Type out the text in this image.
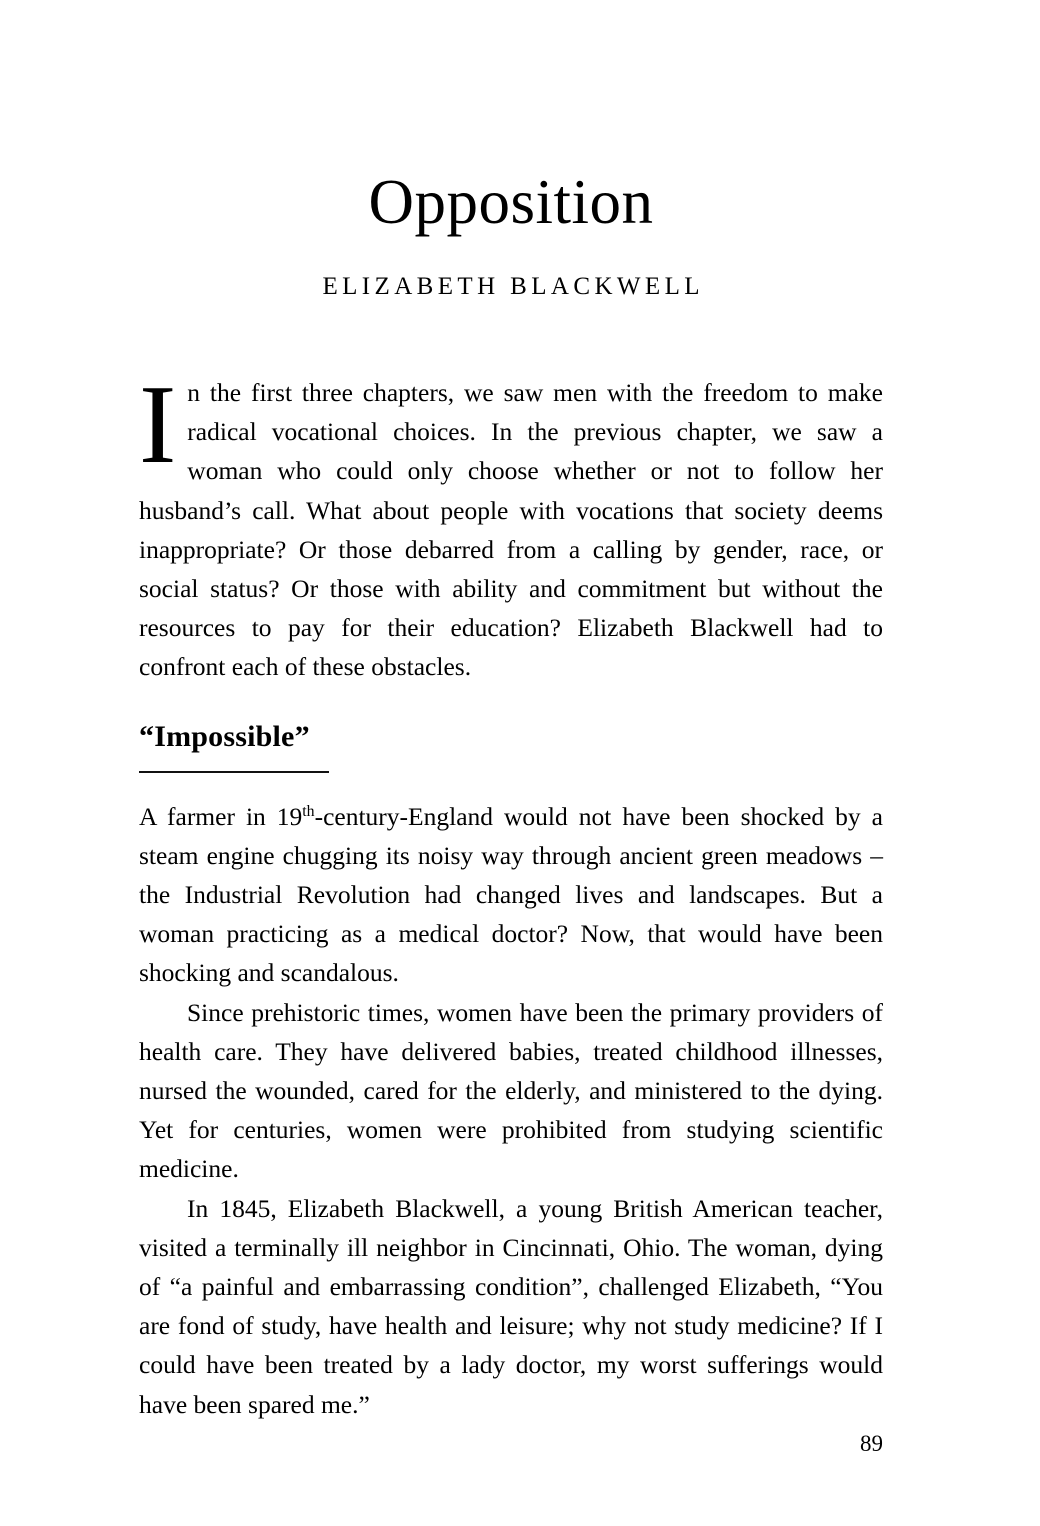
Opposition
ELIZABETH BLACKWELL

In the first three chapters, we saw men with the freedom to make radical vocational choices. In the previous chapter, we saw a woman who could only choose whether or not to follow her husband’s call. What about people with vocations that society deems inappropriate? Or those debarred from a calling by gender, race, or social status? Or those with ability and commitment but without the resources to pay for their education? Elizabeth Blackwell had to confront each of these obstacles.

“Impossible”

A farmer in 19th-century-England would not have been shocked by a steam engine chugging its noisy way through ancient green meadows – the Industrial Revolution had changed lives and landscapes. But a woman practicing as a medical doctor? Now, that would have been shocking and scandalous.

Since prehistoric times, women have been the primary providers of health care. They have delivered babies, treated childhood illnesses, nursed the wounded, cared for the elderly, and ministered to the dying. Yet for centuries, women were prohibited from studying scientific medicine.

In 1845, Elizabeth Blackwell, a young British American teacher, visited a terminally ill neighbor in Cincinnati, Ohio. The woman, dying of “a painful and embarrassing condition”, challenged Elizabeth, “You are fond of study, have health and leisure; why not study medicine? If I could have been treated by a lady doctor, my worst sufferings would have been spared me.”

89
